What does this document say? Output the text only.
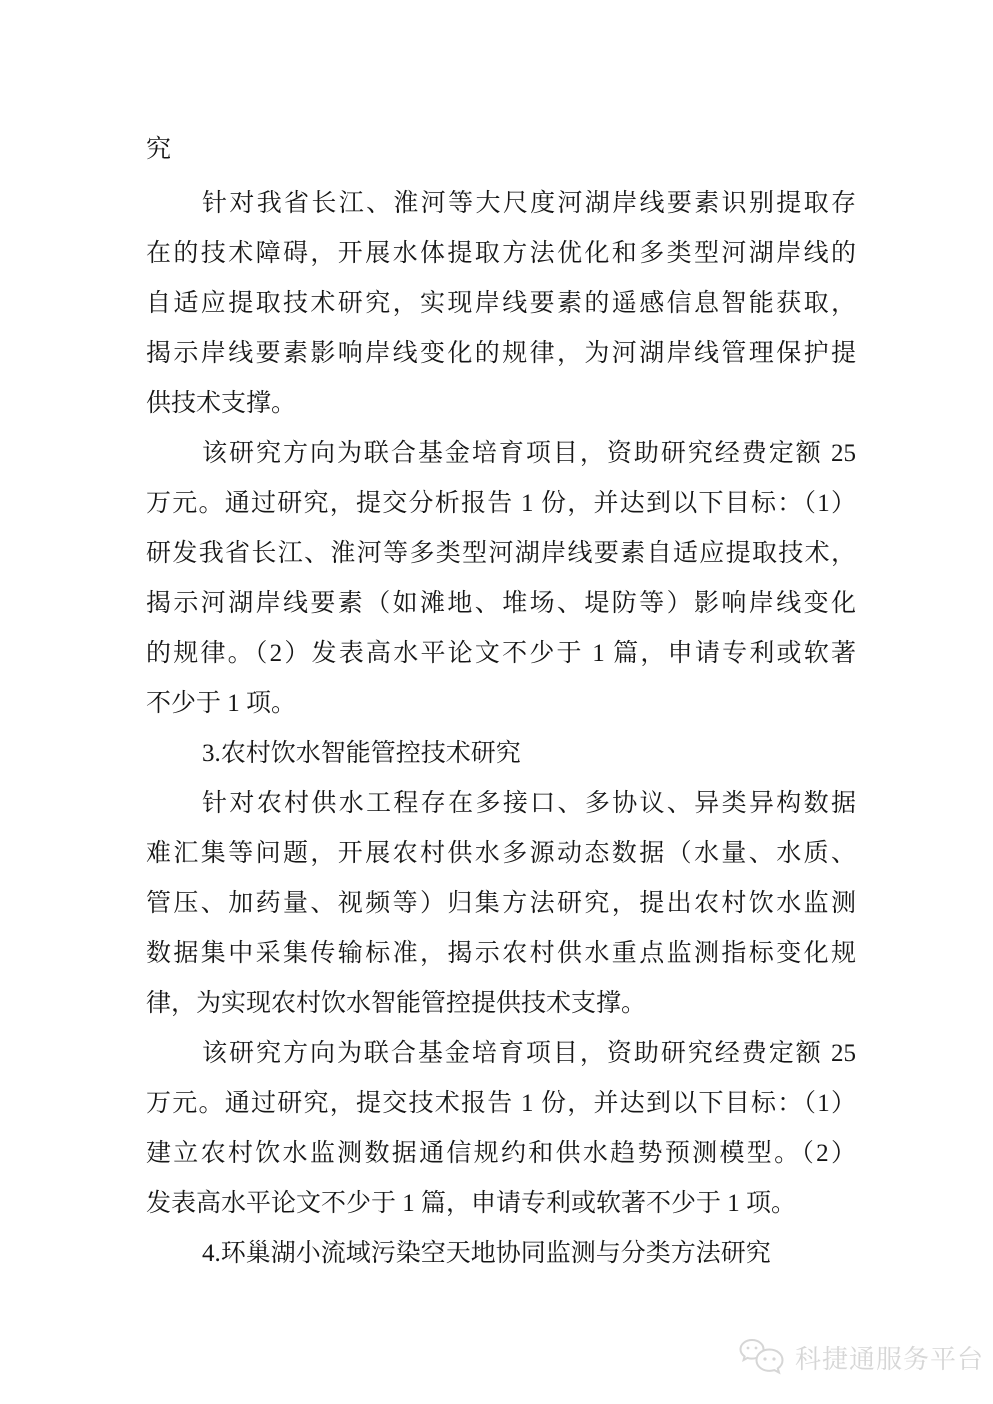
究
针对我省长江、淮河等大尺度河湖岸线要素识别提取存
在的技术障碍，开展水体提取方法优化和多类型河湖岸线的
自适应提取技术研究，实现岸线要素的遥感信息智能获取，
揭示岸线要素影响岸线变化的规律，为河湖岸线管理保护提
供技术支撑。
该研究方向为联合基金培育项目，资助研究经费定额 25
万元。通过研究，提交分析报告 1 份，并达到以下目标：（1）
研发我省长江、淮河等多类型河湖岸线要素自适应提取技术，
揭示河湖岸线要素（如滩地、堆场、堤防等）影响岸线变化
的规律。（2）发表高水平论文不少于 1 篇，申请专利或软著
不少于 1 项。
3.农村饮水智能管控技术研究
针对农村供水工程存在多接口、多协议、异类异构数据
难汇集等问题，开展农村供水多源动态数据（水量、水质、
管压、加药量、视频等）归集方法研究，提出农村饮水监测
数据集中采集传输标准，揭示农村供水重点监测指标变化规
律，为实现农村饮水智能管控提供技术支撑。
该研究方向为联合基金培育项目，资助研究经费定额 25
万元。通过研究，提交技术报告 1 份，并达到以下目标：（1）
建立农村饮水监测数据通信规约和供水趋势预测模型。（2）
发表高水平论文不少于 1 篇，申请专利或软著不少于 1 项。
4.环巢湖小流域污染空天地协同监测与分类方法研究
科捷通服务平台
